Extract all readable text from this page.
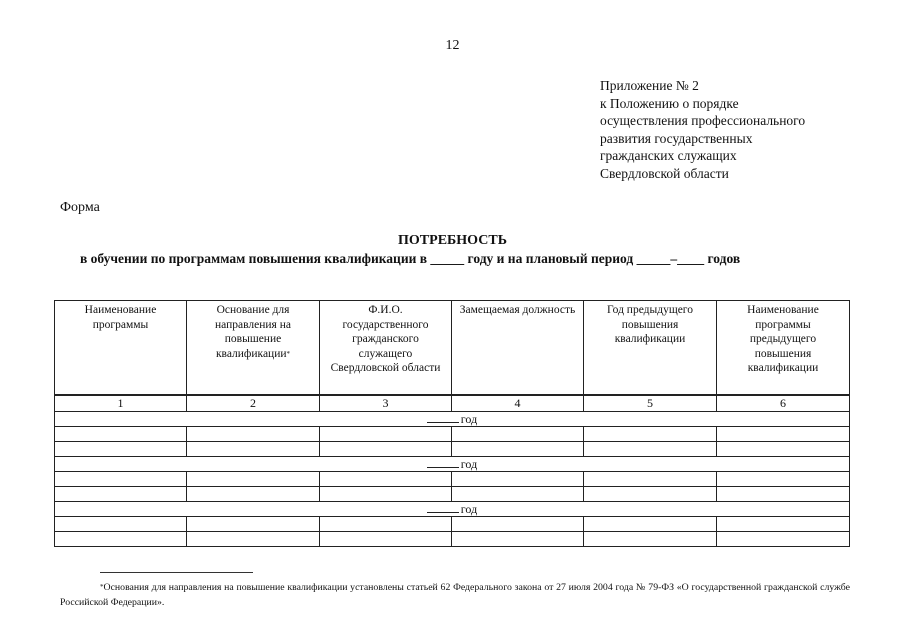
12
Приложение № 2
к Положению о порядке
осуществления профессионального
развития государственных
гражданских служащих
Свердловской области
Форма
ПОТРЕБНОСТЬ
в обучении по программам повышения квалификации в _____ году и на плановый период _____–____ годов
Наименование программы	Основание для направления на повышение квалификации*	Ф.И.О. государственного гражданского служащего Свердловской области	Замещаемая должность	Год предыдущего повышения квалификации	Наименование программы предыдущего повышения квалификации
1	2	3	4	5	6
год					

год					

год					

*Основания для направления на повышение квалификации установлены статьей 62 Федерального закона от 27 июля 2004 года № 79-ФЗ «О государственной гражданской службе Российской Федерации».
